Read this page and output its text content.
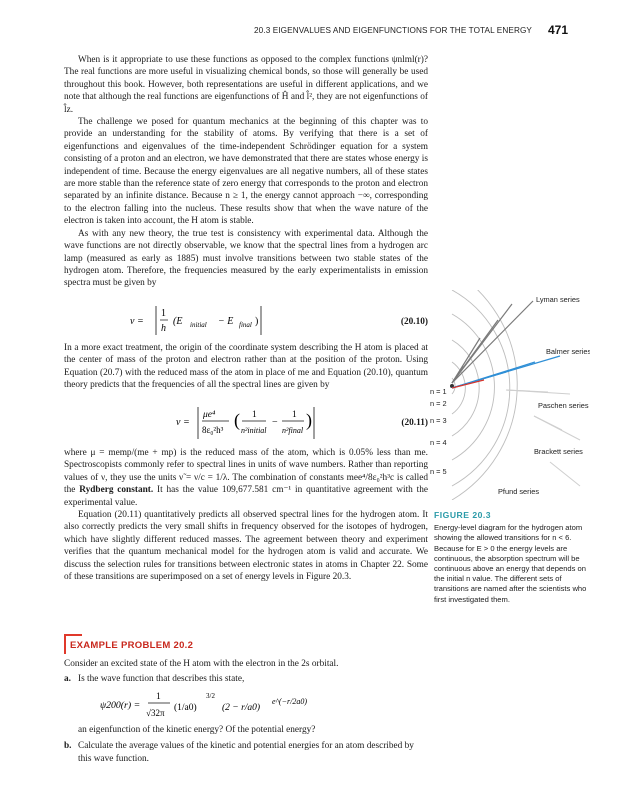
20.3 EIGENVALUES AND EIGENFUNCTIONS FOR THE TOTAL ENERGY 471

When is it appropriate to use these functions as opposed to the complex functions ψnlml(r)? The real functions are more useful in visualizing chemical bonds, so those will generally be used throughout this book. However, both representations are useful in different applications, and we note that although the real functions are eigenfunctions of Ĥ and l̂², they are not eigenfunctions of l̂z.

The challenge we posed for quantum mechanics at the beginning of this chapter was to provide an understanding for the stability of atoms. By verifying that there is a set of eigenfunctions and eigenvalues of the time-independent Schrödinger equation for a system consisting of a proton and an electron, we have demonstrated that there are states whose energy is independent of time. Because the energy eigenvalues are all negative numbers, all of these states are more stable than the reference state of zero energy that corresponds to the proton and electron separated by an infinite distance. Because n ≥ 1, the energy cannot approach −∞, corresponding to the electron falling into the nucleus. These results show that when the wave nature of the electron is taken into account, the H atom is stable.

As with any new theory, the true test is consistency with experimental data. Although the wave functions are not directly observable, we know that the spectral lines from a hydrogen arc lamp (measured as early as 1885) must involve transitions between two stable states of the hydrogen atom. Therefore, the frequencies measured by the early experimentalists in emission spectra must be given by

ν =
1
h
(E initial − E final )	(20.10)

In a more exact treatment, the origin of the coordinate system describing the H atom is placed at the center of mass of the proton and electron rather than at the position of the proton. Using Equation (20.7) with the reduced mass of the atom in place of me and Equation (20.10), quantum theory predicts that the frequencies of all the spectral lines are given by

ν =
μe⁴
8ε₀²h³ ( 1
n²initial
−
1
n²final
)	(20.11)

where μ = memp/(me + mp) is the reduced mass of the atom, which is 0.05% less than me. Spectroscopists commonly refer to spectral lines in units of wave numbers. Rather than reporting values of ν, they use the units ν̃ = ν/c = 1/λ. The combination of constants mee⁴/8ε₀²h³c is called the Rydberg constant. It has the value 109,677.581 cm⁻¹ in quantitative agreement with the experimental value.

Equation (20.11) quantitatively predicts all observed spectral lines for the hydrogen atom. It also correctly predicts the very small shifts in frequency observed for the isotopes of hydrogen, which have slightly different reduced masses. The agreement between theory and experiment verifies that the quantum mechanical model for the hydrogen atom is valid and accurate. We discuss the selection rules for transitions between electronic states in atoms in Chapter 22. Some of these transitions are superimposed on a set of energy levels in Figure 20.3.

Lyman series
Balmer series
Paschen series
Brackett series
Pfund series
n = 1
n = 2
n = 3
n = 4
n = 5
FIGURE 20.3
Energy-level diagram for the hydrogen atom showing the allowed transitions for n < 6. Because for E > 0 the energy levels are continuous, the absorption spectrum will be continuous above an energy that depends on the initial n value. The different sets of transitions are named after the scientists who first investigated them.
EXAMPLE PROBLEM 20.2

Consider an excited state of the H atom with the electron in the 2s orbital.

a. Is the wave function that describes this state,
ψ200(r) =
1
√32π (1/a0)
3/2
(2 − r/a0)
e^(−r/2a0)

an eigenfunction of the kinetic energy? Of the potential energy?

b. Calculate the average values of the kinetic and potential energies for an atom described by this wave function.
